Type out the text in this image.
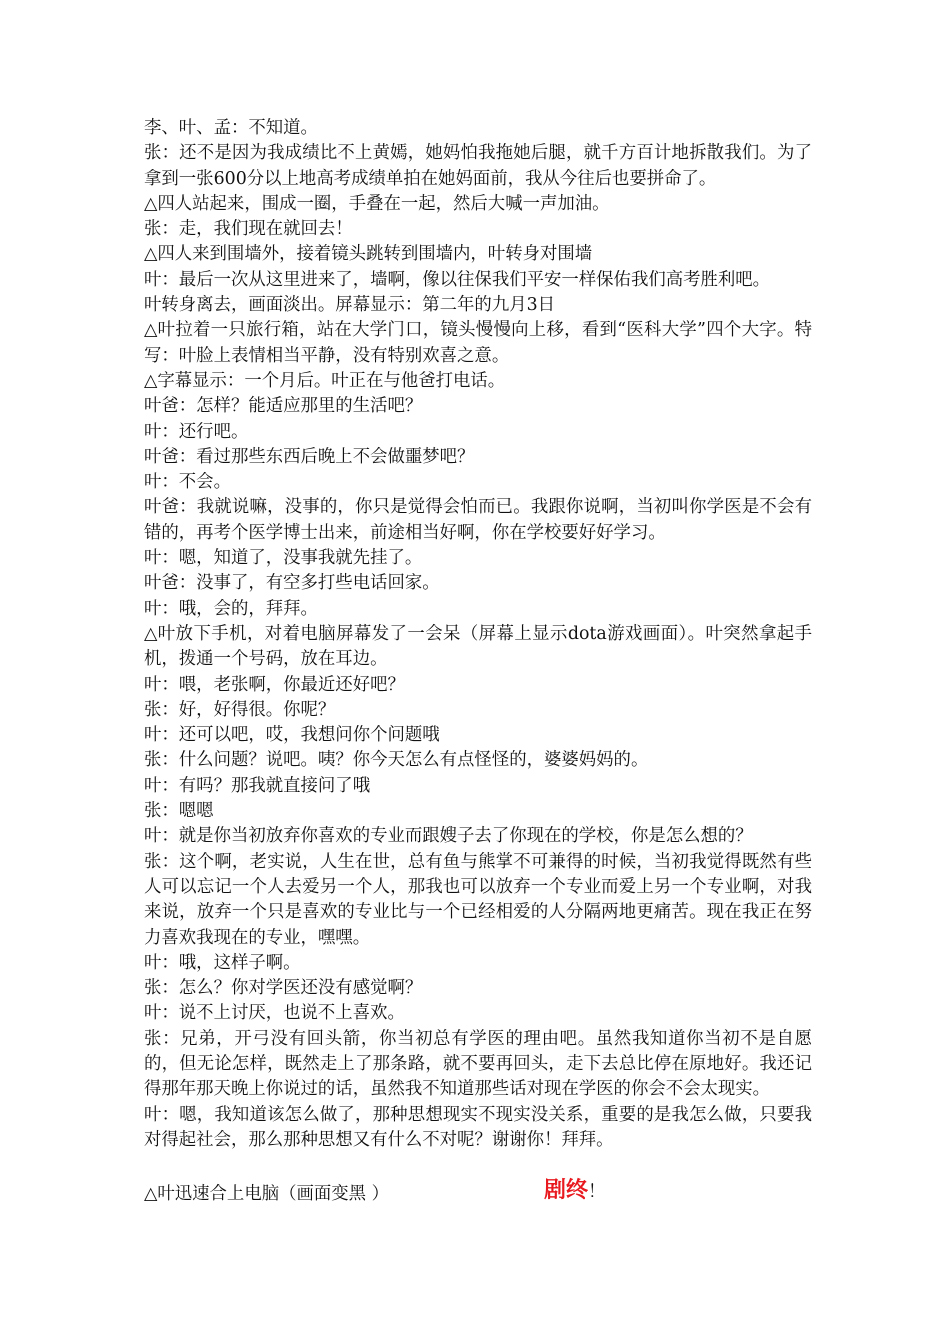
李、叶、孟：不知道。

张：还不是因为我成绩比不上黄嫣，她妈怕我拖她后腿，就千方百计地拆散我们。为了拿到一张600分以上地高考成绩单拍在她妈面前，我从今往后也要拼命了。

△四人站起来，围成一圈，手叠在一起，然后大喊一声加油。

张：走，我们现在就回去！

△四人来到围墙外，接着镜头跳转到围墙内，叶转身对围墙

叶：最后一次从这里进来了，墙啊，像以往保我们平安一样保佑我们高考胜利吧。

叶转身离去，画面淡出。屏幕显示：第二年的九月3日

△叶拉着一只旅行箱，站在大学门口，镜头慢慢向上移，看到“医科大学”四个大字。特写：叶脸上表情相当平静，没有特别欢喜之意。

△字幕显示：一个月后。叶正在与他爸打电话。

叶爸：怎样？能适应那里的生活吧？

叶：还行吧。

叶爸：看过那些东西后晚上不会做噩梦吧？

叶：不会。

叶爸：我就说嘛，没事的，你只是觉得会怕而已。我跟你说啊，当初叫你学医是不会有错的，再考个医学博士出来，前途相当好啊，你在学校要好好学习。

叶：嗯，知道了，没事我就先挂了。

叶爸：没事了，有空多打些电话回家。

叶：哦，会的，拜拜。

△叶放下手机，对着电脑屏幕发了一会呆（屏幕上显示dota游戏画面）。叶突然拿起手机，拨通一个号码，放在耳边。

叶：喂，老张啊，你最近还好吧？

张：好，好得很。你呢？

叶：还可以吧，哎，我想问你个问题哦

张：什么问题？说吧。咦？你今天怎么有点怪怪的，婆婆妈妈的。

叶：有吗？那我就直接问了哦

张：嗯嗯

叶：就是你当初放弃你喜欢的专业而跟嫂子去了你现在的学校，你是怎么想的？

张：这个啊，老实说，人生在世，总有鱼与熊掌不可兼得的时候，当初我觉得既然有些人可以忘记一个人去爱另一个人，那我也可以放弃一个专业而爱上另一个专业啊，对我来说，放弃一个只是喜欢的专业比与一个已经相爱的人分隔两地更痛苦。现在我正在努力喜欢我现在的专业，嘿嘿。

叶：哦，这样子啊。

张：怎么？你对学医还没有感觉啊？

叶：说不上讨厌，也说不上喜欢。

张：兄弟，开弓没有回头箭，你当初总有学医的理由吧。虽然我知道你当初不是自愿的，但无论怎样，既然走上了那条路，就不要再回头，走下去总比停在原地好。我还记得那年那天晚上你说过的话，虽然我不知道那些话对现在学医的你会不会太现实。

叶：嗯，我知道该怎么做了，那种思想现实不现实没关系，重要的是我怎么做，只要我对得起社会，那么那种思想又有什么不对呢？谢谢你！拜拜。

△叶迅速合上电脑（画面变黑 ）	剧终！
